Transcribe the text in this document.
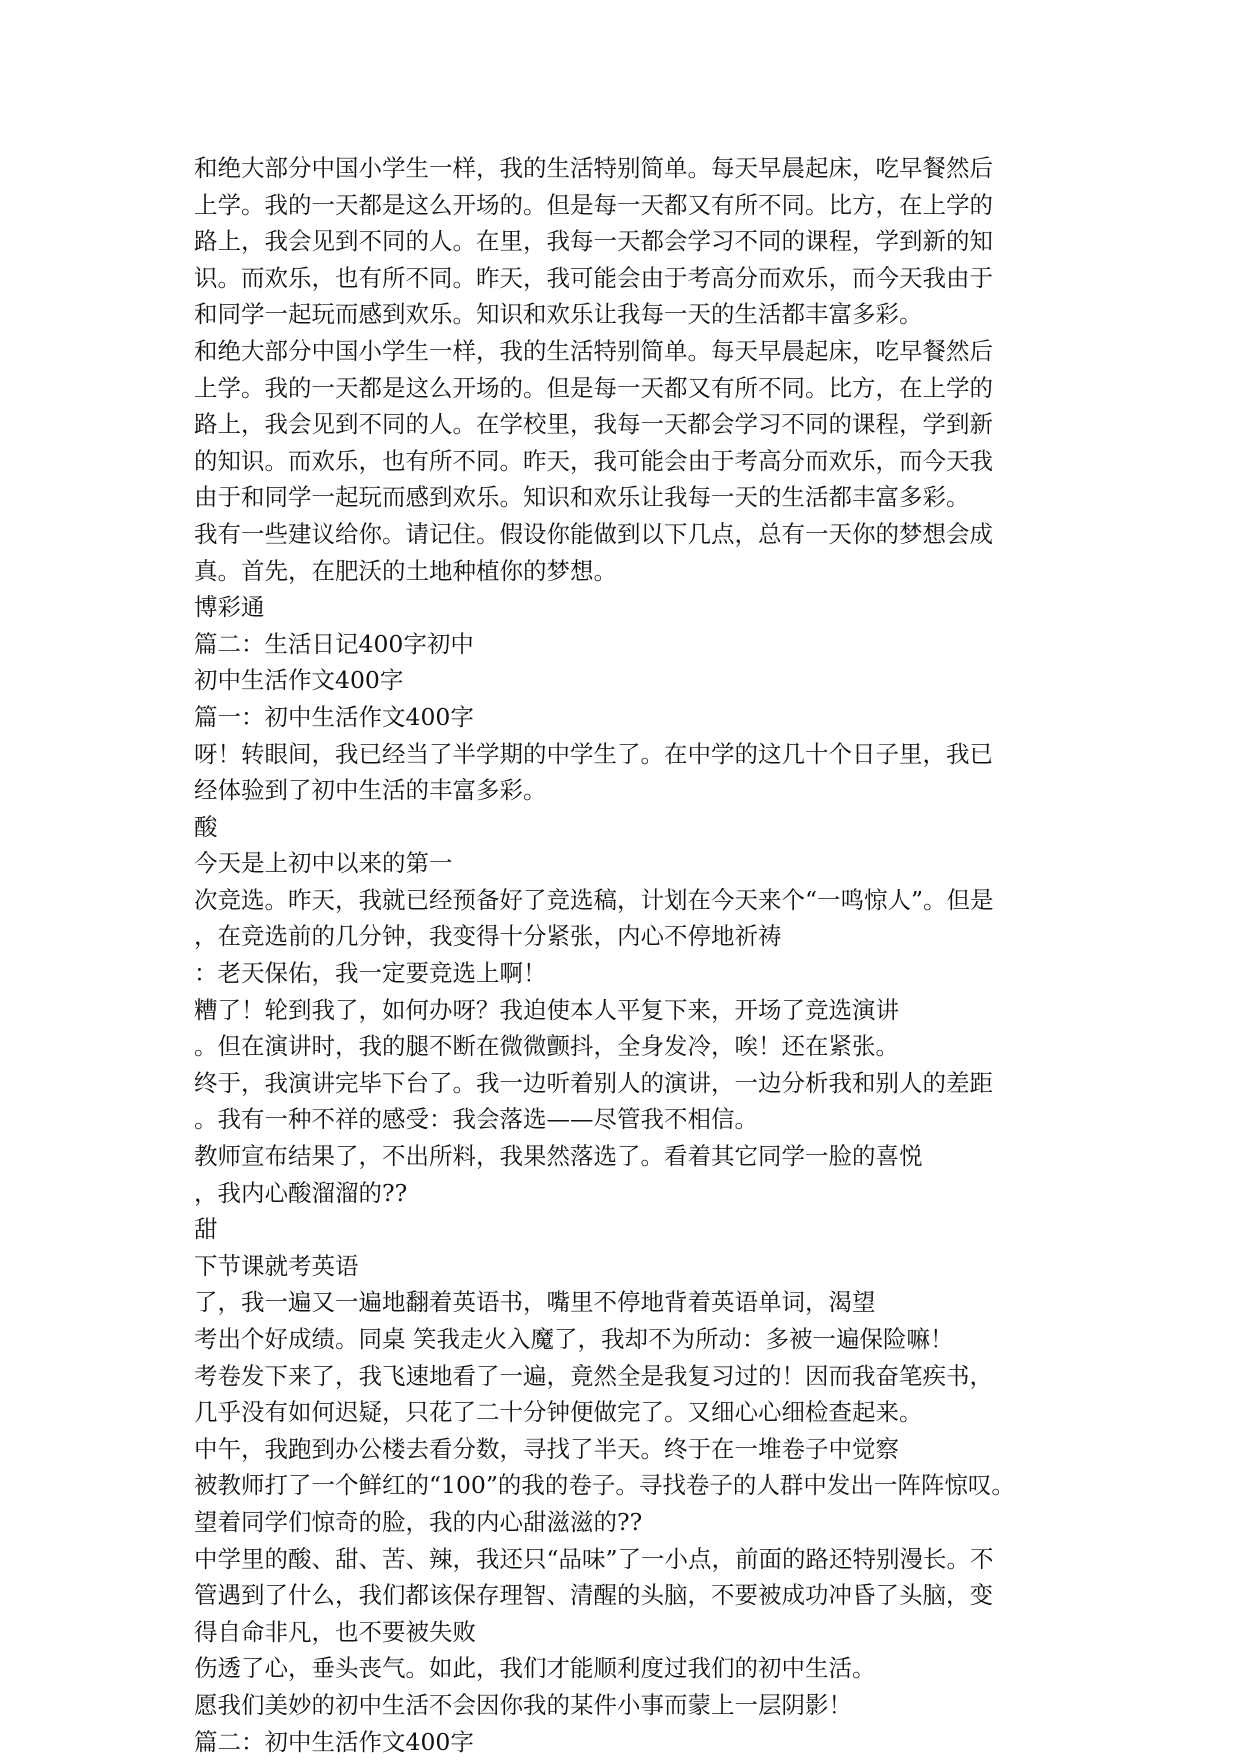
和绝大部分中国小学生一样，我的生活特别简单。每天早晨起床，吃早餐然后
上学。我的一天都是这么开场的。但是每一天都又有所不同。比方，在上学的
路上，我会见到不同的人。在里，我每一天都会学习不同的课程，学到新的知
识。而欢乐，也有所不同。昨天，我可能会由于考高分而欢乐，而今天我由于
和同学一起玩而感到欢乐。知识和欢乐让我每一天的生活都丰富多彩。
和绝大部分中国小学生一样，我的生活特别简单。每天早晨起床，吃早餐然后
上学。我的一天都是这么开场的。但是每一天都又有所不同。比方，在上学的
路上，我会见到不同的人。在学校里，我每一天都会学习不同的课程，学到新
的知识。而欢乐，也有所不同。昨天，我可能会由于考高分而欢乐，而今天我
由于和同学一起玩而感到欢乐。知识和欢乐让我每一天的生活都丰富多彩。
我有一些建议给你。请记住。假设你能做到以下几点，总有一天你的梦想会成
真。首先，在肥沃的土地种植你的梦想。
博彩通
篇二：生活日记400字初中
初中生活作文400字
篇一：初中生活作文400字
呀！转眼间，我已经当了半学期的中学生了。在中学的这几十个日子里，我已
经体验到了初中生活的丰富多彩。
酸
今天是上初中以来的第一
次竞选。昨天，我就已经预备好了竞选稿，计划在今天来个“一鸣惊人”。但是
，在竞选前的几分钟，我变得十分紧张，内心不停地祈祷
：老天保佑，我一定要竞选上啊！
糟了！轮到我了，如何办呀？我迫使本人平复下来，开场了竞选演讲
。但在演讲时，我的腿不断在微微颤抖，全身发冷，唉！还在紧张。
终于，我演讲完毕下台了。我一边听着别人的演讲，一边分析我和别人的差距
。我有一种不祥的感受：我会落选——尽管我不相信。
教师宣布结果了，不出所料，我果然落选了。看着其它同学一脸的喜悦
，我内心酸溜溜的??
甜
下节课就考英语
了，我一遍又一遍地翻着英语书，嘴里不停地背着英语单词，渴望
考出个好成绩。同桌 笑我走火入魔了，我却不为所动：多被一遍保险嘛！
考卷发下来了，我飞速地看了一遍，竟然全是我复习过的！因而我奋笔疾书，
几乎没有如何迟疑，只花了二十分钟便做完了。又细心心细检查起来。
中午，我跑到办公楼去看分数，寻找了半天。终于在一堆卷子中觉察
被教师打了一个鲜红的“100”的我的卷子。寻找卷子的人群中发出一阵阵惊叹。
望着同学们惊奇的脸，我的内心甜滋滋的??
中学里的酸、甜、苦、辣，我还只“品味”了一小点，前面的路还特别漫长。不
管遇到了什么，我们都该保存理智、清醒的头脑，不要被成功冲昏了头脑，变
得自命非凡，也不要被失败
伤透了心，垂头丧气。如此，我们才能顺利度过我们的初中生活。
愿我们美妙的初中生活不会因你我的某件小事而蒙上一层阴影！
篇二：初中生活作文400字
